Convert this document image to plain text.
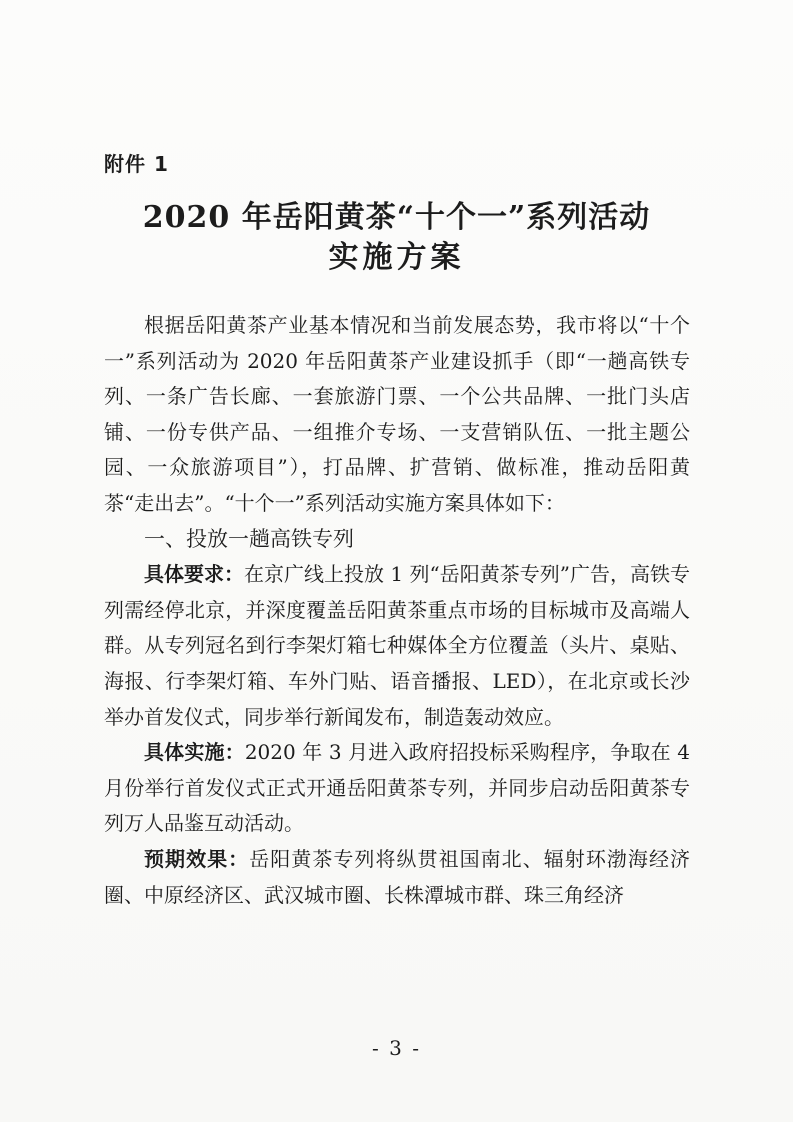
附件 1
2020 年岳阳黄茶“十个一”系列活动
实施方案

根据岳阳黄茶产业基本情况和当前发展态势，我市将以“十个一”系列活动为 2020 年岳阳黄茶产业建设抓手（即“一趟高铁专列、一条广告长廊、一套旅游门票、一个公共品牌、一批门头店铺、一份专供产品、一组推介专场、一支营销队伍、一批主题公园、一众旅游项目”），打品牌、扩营销、做标准，推动岳阳黄茶“走出去”。“十个一”系列活动实施方案具体如下：

一、投放一趟高铁专列

具体要求：在京广线上投放 1 列“岳阳黄茶专列”广告，高铁专列需经停北京，并深度覆盖岳阳黄茶重点市场的目标城市及高端人群。从专列冠名到行李架灯箱七种媒体全方位覆盖（头片、桌贴、海报、行李架灯箱、车外门贴、语音播报、LED），在北京或长沙举办首发仪式，同步举行新闻发布，制造轰动效应。

具体实施：2020 年 3 月进入政府招投标采购程序，争取在 4 月份举行首发仪式正式开通岳阳黄茶专列，并同步启动岳阳黄茶专列万人品鉴互动活动。

预期效果：岳阳黄茶专列将纵贯祖国南北、辐射环渤海经济圈、中原经济区、武汉城市圈、长株潭城市群、珠三角经济

- 3 -
